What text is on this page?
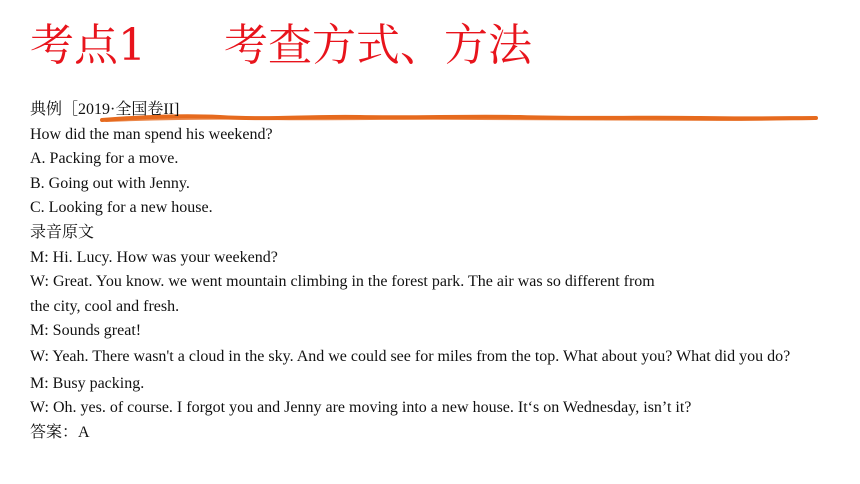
考点1 考查方式、方法

典例［2019·全国卷II]

How did the man spend his weekend?

A. Packing for a move.

B. Going out with Jenny.

C. Looking for a new house.

录音原文

M: Hi. Lucy. How was your weekend?

W: Great. You know. we went mountain climbing in the forest park. The air was so different from

the city, cool and fresh.

M: Sounds great!

W: Yeah. There wasn't a cloud in the sky. And we could see for miles from the top. What about you? What did you do?

M: Busy packing.

W: Oh. yes. of course. I forgot you and Jenny are moving into a new house. It‘s on Wednesday, isn’t it?

答案：A
